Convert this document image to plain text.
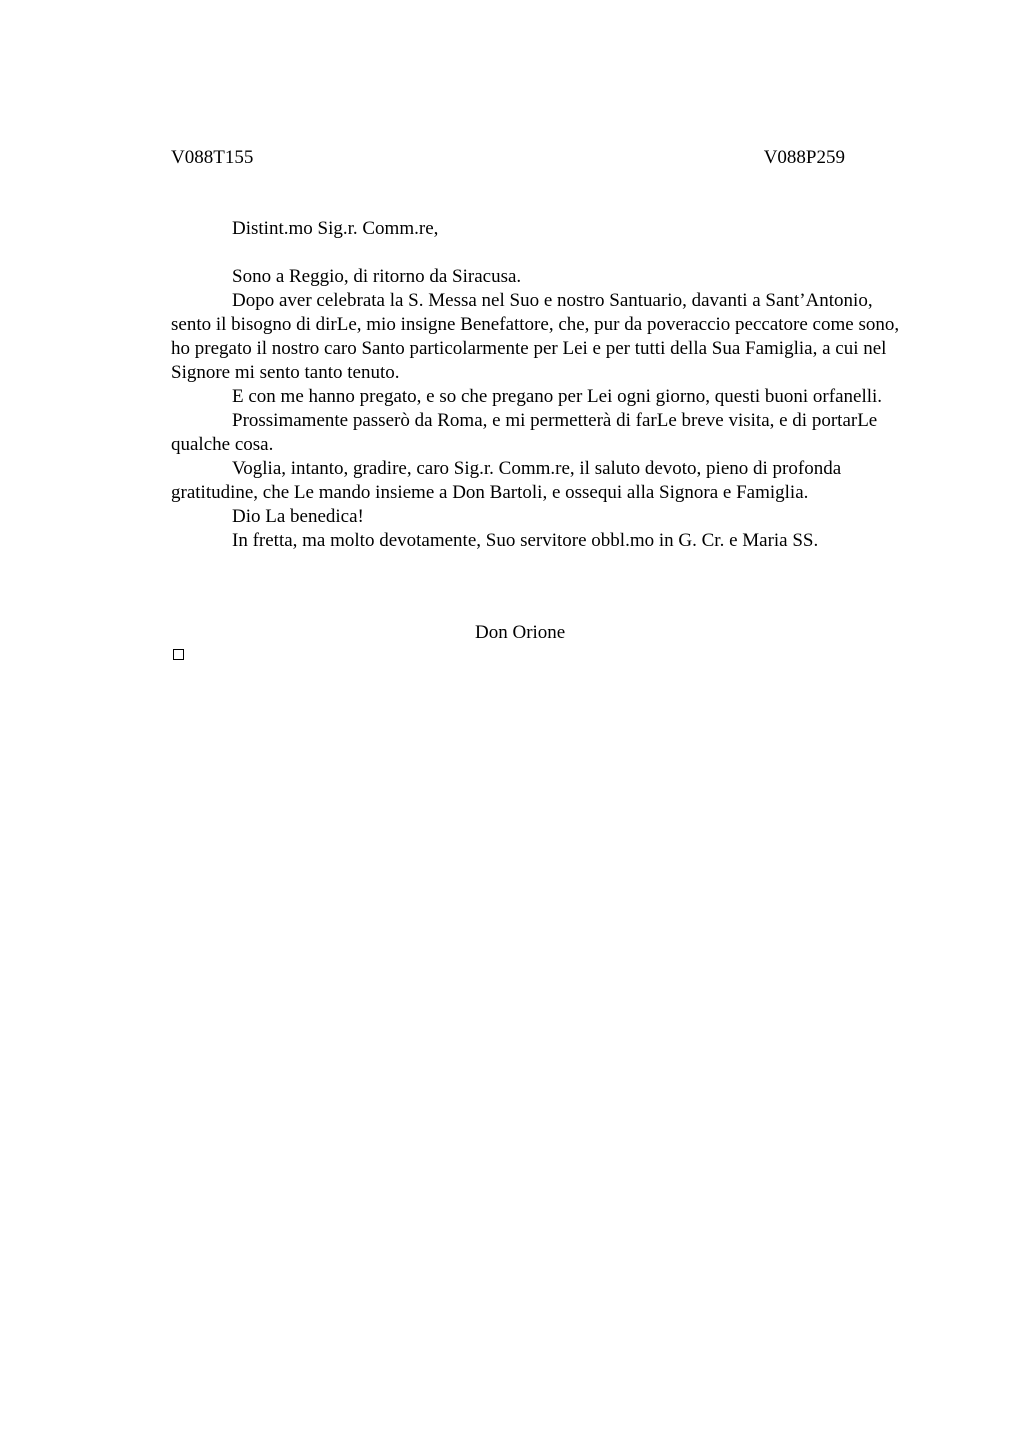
V088T155	V088P259

Distint.mo Sig.r. Comm.re,

Sono a Reggio, di ritorno da Siracusa.

Dopo aver celebrata la S. Messa nel Suo e nostro Santuario, davanti a Sant’Antonio, sento il bisogno di dirLe, mio insigne Benefattore, che, pur da poveraccio peccatore come sono, ho pregato il nostro caro Santo particolarmente per Lei e per tutti della Sua Famiglia, a cui nel Signore mi sento tanto tenuto.

E con me hanno pregato, e so che pregano per Lei ogni giorno, questi buoni orfanelli.

Prossimamente passerò da Roma, e mi permetterà di farLe breve visita, e di portarLe qualche cosa.

Voglia, intanto, gradire, caro Sig.r. Comm.re, il saluto devoto, pieno di profonda gratitudine, che Le mando insieme a Don Bartoli, e ossequi alla Signora e Famiglia.

Dio La benedica!

In fretta, ma molto devotamente, Suo servitore obbl.mo in G. Cr. e Maria SS.

Don Orione
